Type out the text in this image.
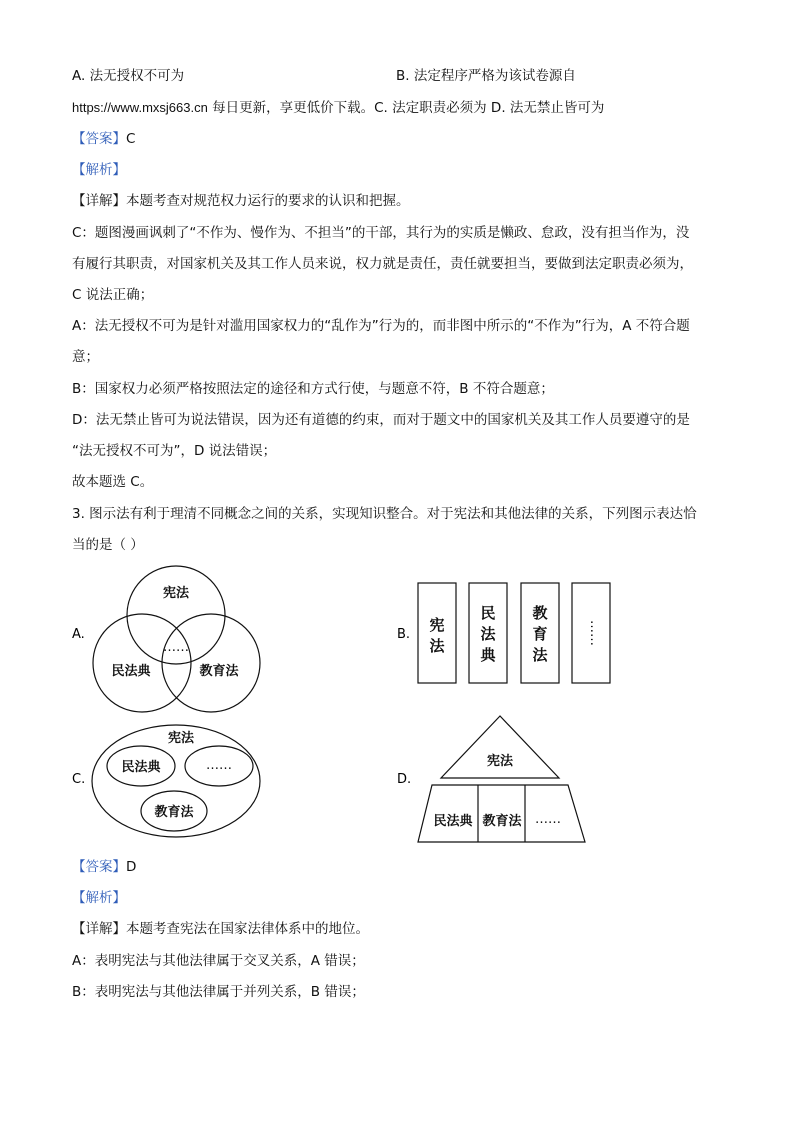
A. 法无授权不可为	B. 法定程序严格为该试卷源自
https://www.mxsj663.cn 每日更新，享更低价下载。C. 法定职责必须为 D. 法无禁止皆可为
【答案】C
【解析】
【详解】本题考查对规范权力运行的要求的认识和把握。
C：题图漫画讽刺了“不作为、慢作为、不担当”的干部，其行为的实质是懒政、怠政，没有担当作为，没
有履行其职责，对国家机关及其工作人员来说，权力就是责任，责任就要担当，要做到法定职责必须为，
C 说法正确；
A：法无授权不可为是针对滥用国家权力的“乱作为”行为的，而非图中所示的“不作为”行为，A 不符合题
意；
B：国家权力必须严格按照法定的途径和方式行使，与题意不符，B 不符合题意；
D：法无禁止皆可为说法错误，因为还有道德的约束，而对于题文中的国家机关及其工作人员要遵守的是
“法无授权不可为”，D 说法错误；
故本题选 C。
3. 图示法有利于理清不同概念之间的关系，实现知识整合。对于宪法和其他法律的关系，下列图示表达恰
当的是（ ）
A.	B.
C.	D.
宪法
民法典	教育法
……
宪
法
民
法
典
教
育
法
……
宪法
民法典	……
教育法
宪法
民法典 教育法 ……
【答案】D
【解析】
【详解】本题考查宪法在国家法律体系中的地位。
A：表明宪法与其他法律属于交叉关系，A 错误；
B：表明宪法与其他法律属于并列关系，B 错误；
